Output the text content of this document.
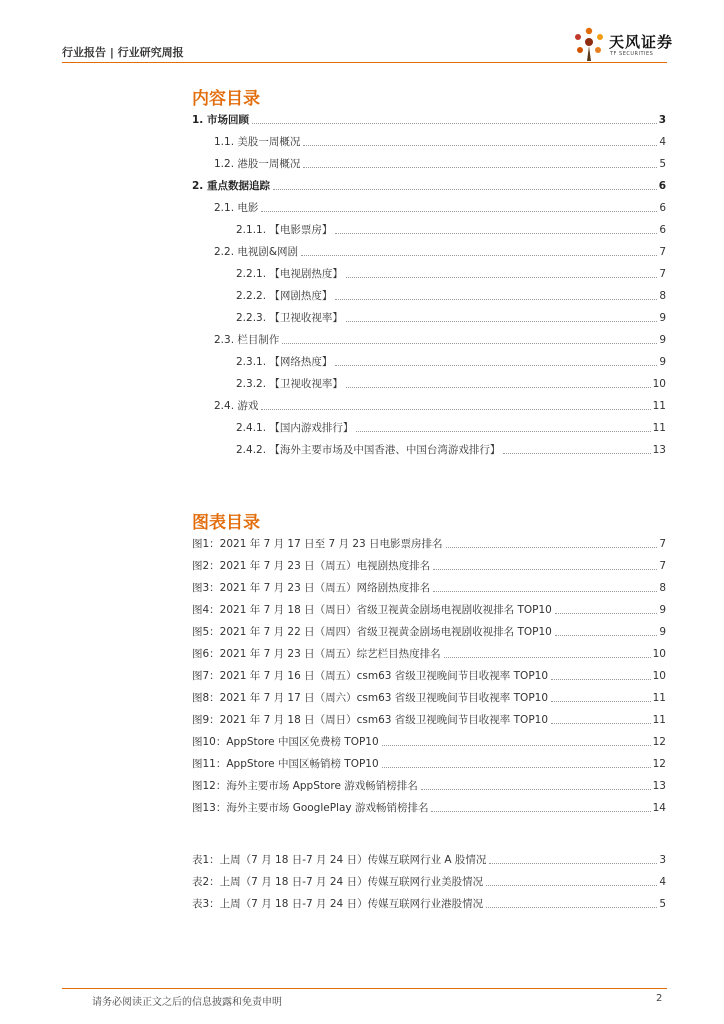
行业报告 | 行业研究周报
天风证券
TF SECURITIES
内容目录
1. 市场回顾	3
1.1. 美股一周概况	4
1.2. 港股一周概况	5
2. 重点数据追踪	6
2.1. 电影	6
2.1.1. 【电影票房】	6
2.2. 电视剧&网剧	7
2.2.1. 【电视剧热度】	7
2.2.2. 【网剧热度】	8
2.2.3. 【卫视收视率】	9
2.3. 栏目制作	9
2.3.1. 【网络热度】	9
2.3.2. 【卫视收视率】	10
2.4. 游戏	11
2.4.1. 【国内游戏排行】	11
2.4.2. 【海外主要市场及中国香港、中国台湾游戏排行】	13
图表目录
图1：2021 年 7 月 17 日至 7 月 23 日电影票房排名	7
图2：2021 年 7 月 23 日（周五）电视剧热度排名	7
图3：2021 年 7 月 23 日（周五）网络剧热度排名	8
图4：2021 年 7 月 18 日（周日）省级卫视黄金剧场电视剧收视排名 TOP10	9
图5：2021 年 7 月 22 日（周四）省级卫视黄金剧场电视剧收视排名 TOP10	9
图6：2021 年 7 月 23 日（周五）综艺栏目热度排名	10
图7：2021 年 7 月 16 日（周五）csm63 省级卫视晚间节目收视率 TOP10	10
图8：2021 年 7 月 17 日（周六）csm63 省级卫视晚间节目收视率 TOP10	11
图9：2021 年 7 月 18 日（周日）csm63 省级卫视晚间节目收视率 TOP10	11
图10：AppStore 中国区免费榜 TOP10	12
图11：AppStore 中国区畅销榜 TOP10	12
图12：海外主要市场 AppStore 游戏畅销榜排名	13
图13：海外主要市场 GooglePlay 游戏畅销榜排名	14
表1：上周（7 月 18 日-7 月 24 日）传媒互联网行业 A 股情况	3
表2：上周（7 月 18 日-7 月 24 日）传媒互联网行业美股情况	4
表3：上周（7 月 18 日-7 月 24 日）传媒互联网行业港股情况	5
请务必阅读正文之后的信息披露和免责申明	2
